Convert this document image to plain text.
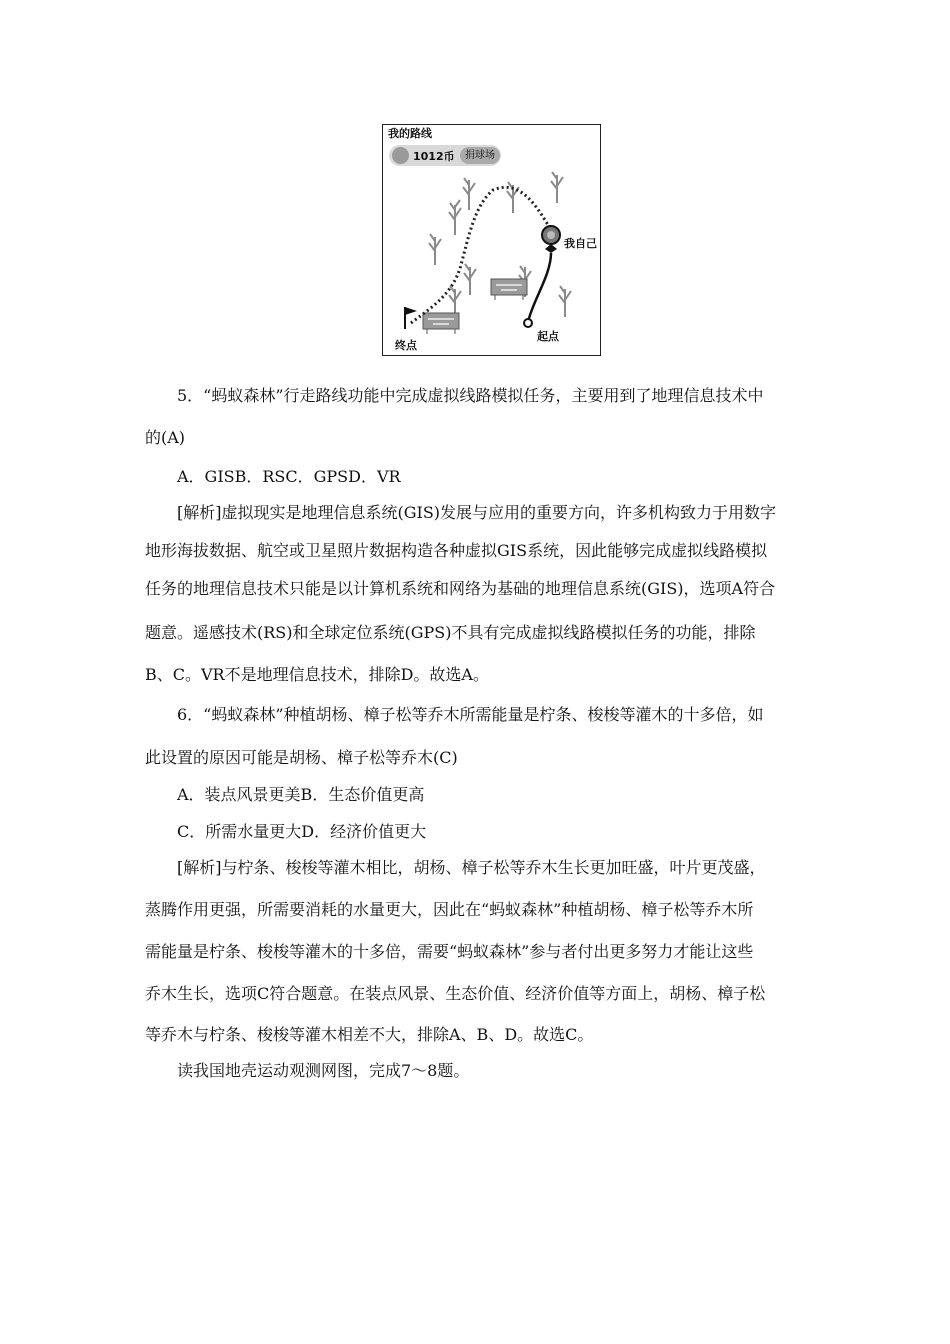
我的路线
1012币	捐球场
我自己
终点
起点
5．“蚂蚁森林”行走路线功能中完成虚拟线路模拟任务，主要用到了地理信息技术中
的(A)
A．GISB．RSC．GPSD．VR
[解析]虚拟现实是地理信息系统(GIS)发展与应用的重要方向，许多机构致力于用数字
地形海拔数据、航空或卫星照片数据构造各种虚拟GIS系统，因此能够完成虚拟线路模拟
任务的地理信息技术只能是以计算机系统和网络为基础的地理信息系统(GIS)，选项A符合
题意。遥感技术(RS)和全球定位系统(GPS)不具有完成虚拟线路模拟任务的功能，排除
B、C。VR不是地理信息技术，排除D。故选A。
6．“蚂蚁森林”种植胡杨、樟子松等乔木所需能量是柠条、梭梭等灌木的十多倍，如
此设置的原因可能是胡杨、樟子松等乔木(C)
A．装点风景更美B．生态价值更高
C．所需水量更大D．经济价值更大
[解析]与柠条、梭梭等灌木相比，胡杨、樟子松等乔木生长更加旺盛，叶片更茂盛，
蒸腾作用更强，所需要消耗的水量更大，因此在“蚂蚁森林”种植胡杨、樟子松等乔木所
需能量是柠条、梭梭等灌木的十多倍，需要“蚂蚁森林”参与者付出更多努力才能让这些
乔木生长，选项C符合题意。在装点风景、生态价值、经济价值等方面上，胡杨、樟子松
等乔木与柠条、梭梭等灌木相差不大，排除A、B、D。故选C。
读我国地壳运动观测网图，完成7～8题。
